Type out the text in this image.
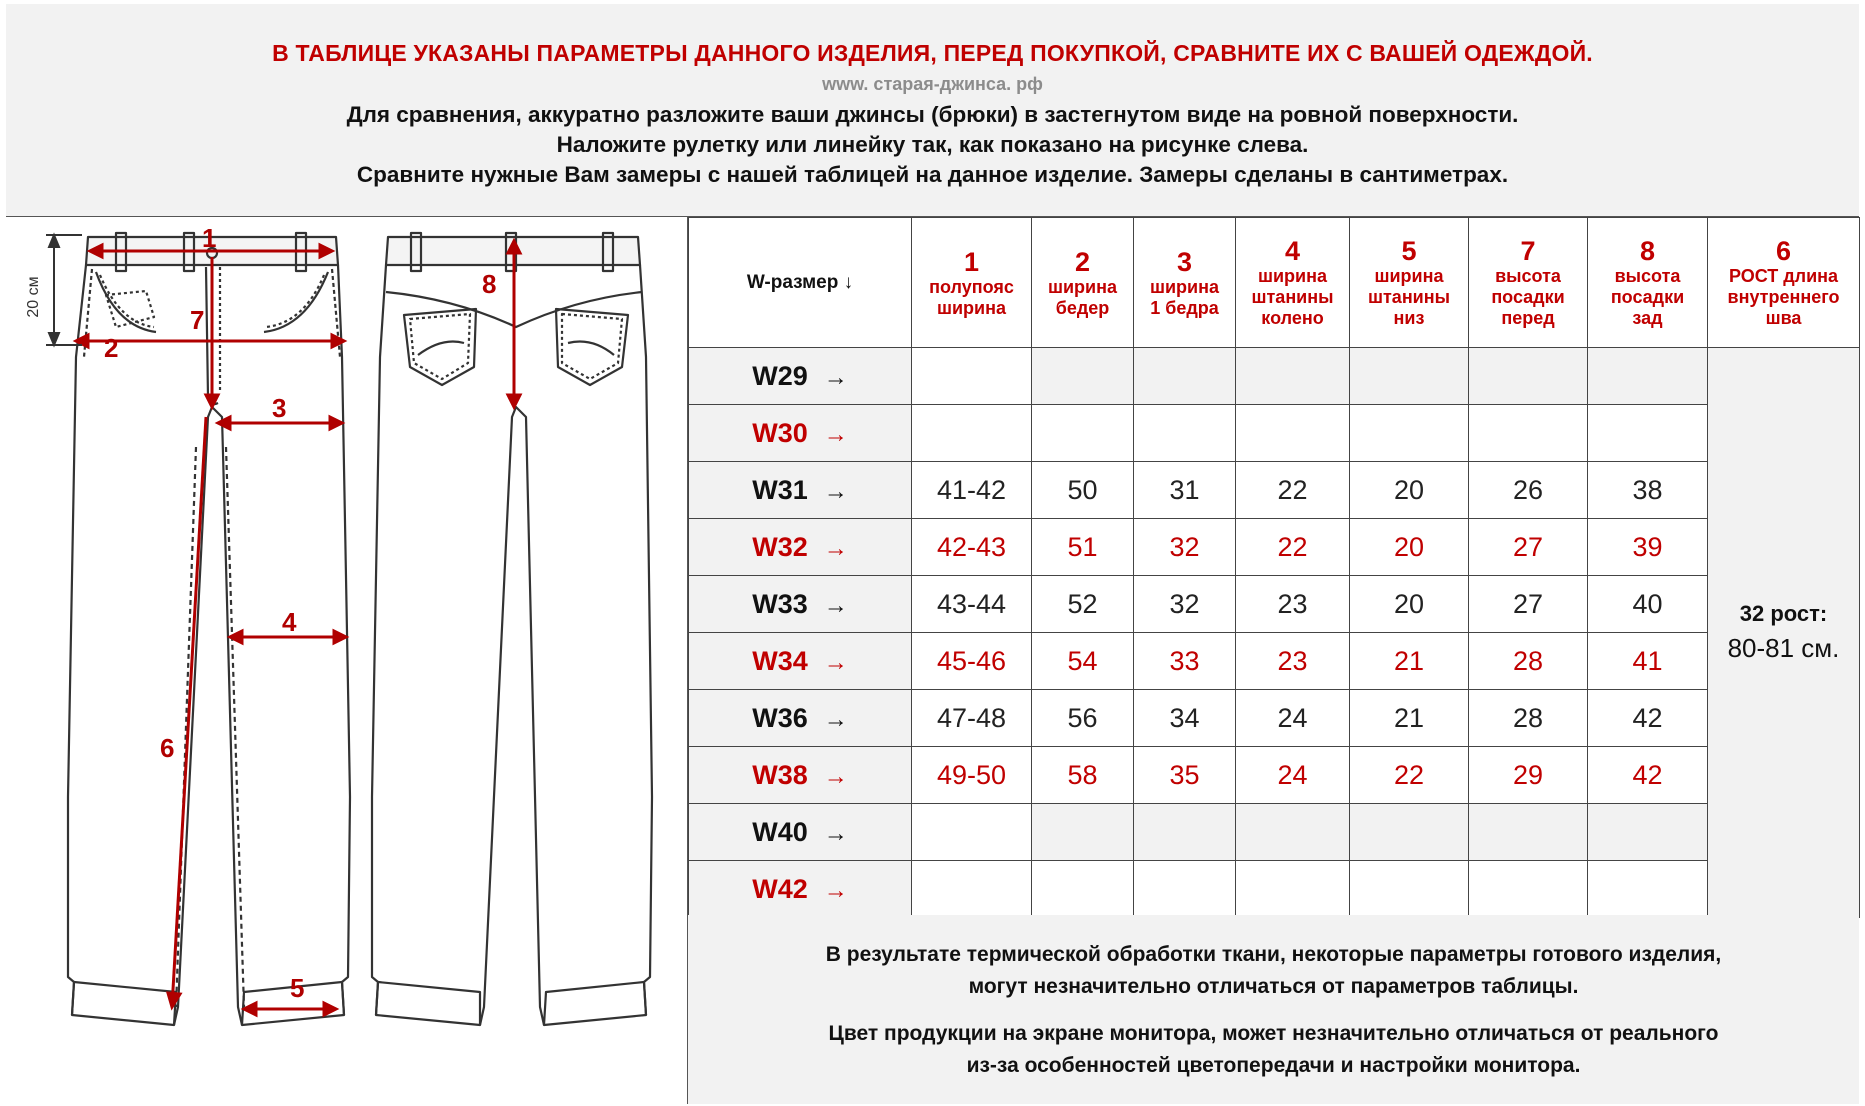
В ТАБЛИЦЕ УКАЗАНЫ ПАРАМЕТРЫ ДАННОГО ИЗДЕЛИЯ, ПЕРЕД ПОКУПКОЙ, СРАВНИТЕ ИХ С ВАШЕЙ ОДЕЖДОЙ.
www. старая-джинса. рф
Для сравнения, аккуратно разложите ваши джинсы (брюки) в застегнутом виде на ровной поверхности.
Наложите рулетку или линейку так, как показано на рисунке слева.
Сравните нужные Вам замеры с нашей таблицей на данное изделие. Замеры сделаны в сантиметрах.
20 см
1
2
3
4
5
6
7
8	W-размер ↓	1
полупояс
ширина	2
ширина
бедер	3
ширина
1 бедра	4
ширина
штанины
колено	5
ширина
штанины
низ	7
высота
посадки
перед	8
высота
посадки
зад	6
РОСТ длина
внутреннего
шва

W29 →								32 рост:
80-81 см.

W30 →								
W31 →	41-42	50	31	22	20	26	38	
W32 →	42-43	51	32	22	20	27	39	
W33 →	43-44	52	32	23	20	27	40	
W34 →	45-46	54	33	23	21	28	41	
W36 →	47-48	56	34	24	21	28	42	
W38 →	49-50	58	35	24	22	29	42	
W40 →								
W42 →								

В результате термической обработки ткани, некоторые параметры готового изделия,

могут незначительно отличаться от параметров таблицы.

Цвет продукции на экране монитора, может незначительно отличаться от реального

из-за особенностей цветопередачи и настройки монитора.
